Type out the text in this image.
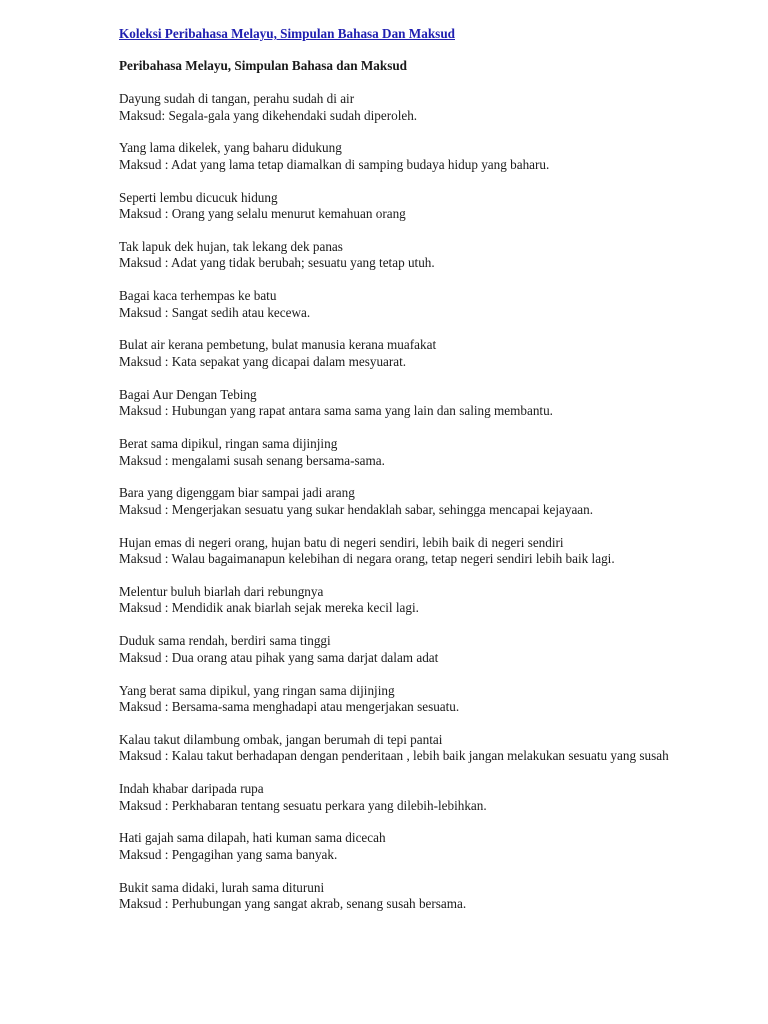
Koleksi Peribahasa Melayu, Simpulan Bahasa Dan Maksud
Peribahasa Melayu, Simpulan Bahasa dan Maksud
Dayung sudah di tangan, perahu sudah di air
Maksud: Segala-gala yang dikehendaki sudah diperoleh.
Yang lama dikelek, yang baharu didukung
Maksud : Adat yang lama tetap diamalkan di samping budaya hidup yang baharu.
Seperti lembu dicucuk hidung
Maksud : Orang yang selalu menurut kemahuan orang
Tak lapuk dek hujan, tak lekang dek panas
Maksud : Adat yang tidak berubah; sesuatu yang tetap utuh.
Bagai kaca terhempas ke batu
Maksud : Sangat sedih atau kecewa.
Bulat air kerana pembetung, bulat manusia kerana muafakat
Maksud : Kata sepakat yang dicapai dalam mesyuarat.
Bagai Aur Dengan Tebing
Maksud : Hubungan yang rapat antara sama sama yang lain dan saling membantu.
Berat sama dipikul, ringan sama dijinjing
Maksud : mengalami susah senang bersama-sama.
Bara yang digenggam biar sampai jadi arang
Maksud : Mengerjakan sesuatu yang sukar hendaklah sabar, sehingga mencapai kejayaan.
Hujan emas di negeri orang, hujan batu di negeri sendiri, lebih baik di negeri sendiri
Maksud : Walau bagaimanapun kelebihan di negara orang, tetap negeri sendiri lebih baik lagi.
Melentur buluh biarlah dari rebungnya
Maksud : Mendidik anak biarlah sejak mereka kecil lagi.
Duduk sama rendah, berdiri sama tinggi
Maksud : Dua orang atau pihak yang sama darjat dalam adat
Yang berat sama dipikul, yang ringan sama dijinjing
Maksud : Bersama-sama menghadapi atau mengerjakan sesuatu.
Kalau takut dilambung ombak, jangan berumah di tepi pantai
Maksud : Kalau takut berhadapan dengan penderitaan , lebih baik jangan melakukan sesuatu yang susah
Indah khabar daripada rupa
Maksud : Perkhabaran tentang sesuatu perkara yang dilebih-lebihkan.
Hati gajah sama dilapah, hati kuman sama dicecah
Maksud : Pengagihan yang sama banyak.
Bukit sama didaki, lurah sama dituruni
Maksud : Perhubungan yang sangat akrab, senang susah bersama.
